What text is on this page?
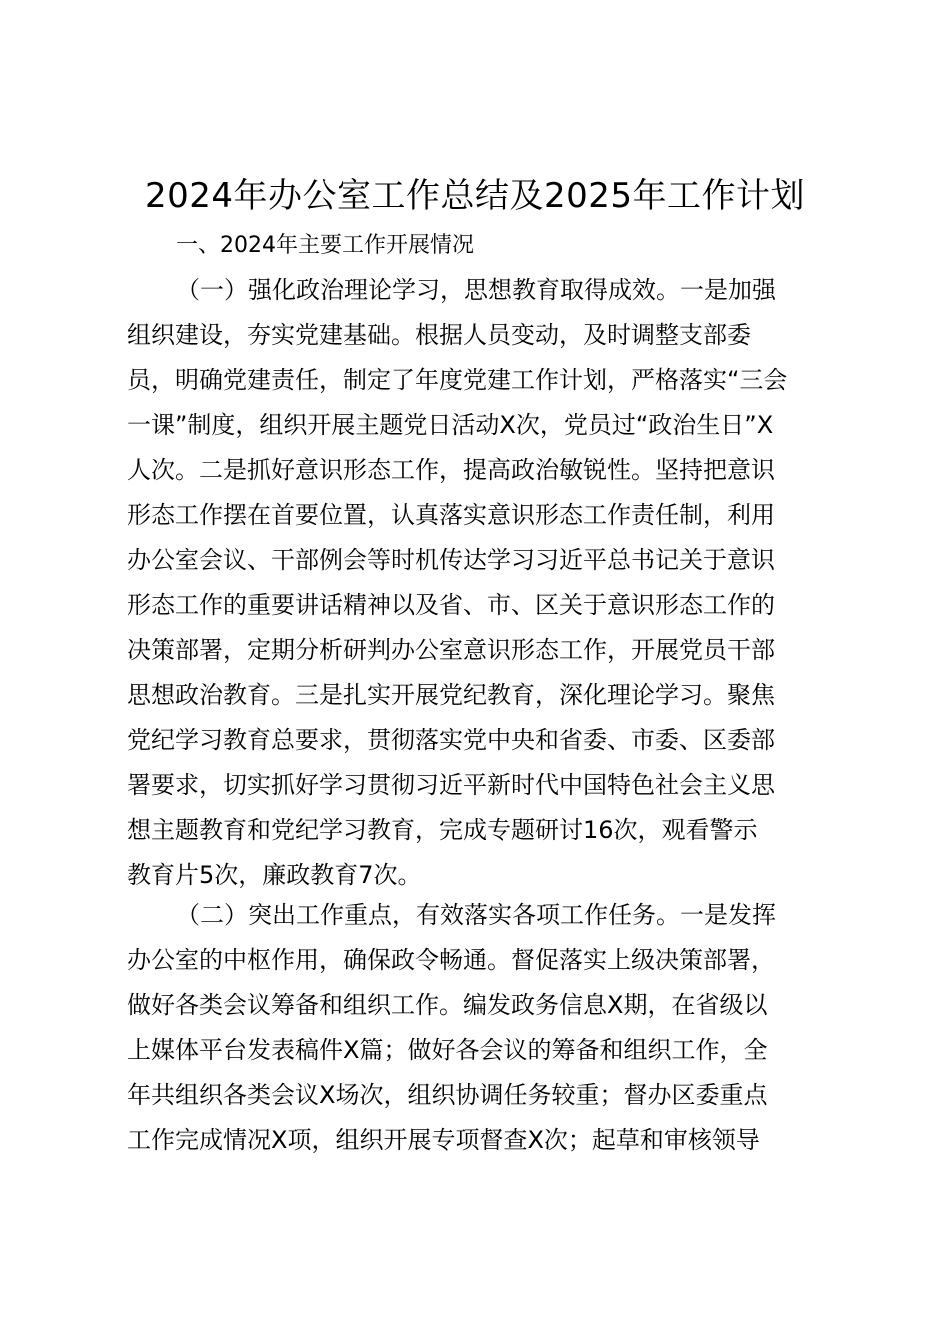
2024年办公室工作总结及2025年工作计划
一、2024年主要工作开展情况
（一）强化政治理论学习，思想教育取得成效。一是加强
组织建设，夯实党建基础。根据人员变动，及时调整支部委
员，明确党建责任，制定了年度党建工作计划，严格落实“三会
一课”制度，组织开展主题党日活动X次，党员过“政治生日”X
人次。二是抓好意识形态工作，提高政治敏锐性。坚持把意识
形态工作摆在首要位置，认真落实意识形态工作责任制，利用
办公室会议、干部例会等时机传达学习习近平总书记关于意识
形态工作的重要讲话精神以及省、市、区关于意识形态工作的
决策部署，定期分析研判办公室意识形态工作，开展党员干部
思想政治教育。三是扎实开展党纪教育，深化理论学习。聚焦
党纪学习教育总要求，贯彻落实党中央和省委、市委、区委部
署要求，切实抓好学习贯彻习近平新时代中国特色社会主义思
想主题教育和党纪学习教育，完成专题研讨16次，观看警示
教育片5次，廉政教育7次。
（二）突出工作重点，有效落实各项工作任务。一是发挥
办公室的中枢作用，确保政令畅通。督促落实上级决策部署，
做好各类会议筹备和组织工作。编发政务信息X期，在省级以
上媒体平台发表稿件X篇；做好各会议的筹备和组织工作，全
年共组织各类会议X场次，组织协调任务较重；督办区委重点
工作完成情况X项，组织开展专项督查X次；起草和审核领导
